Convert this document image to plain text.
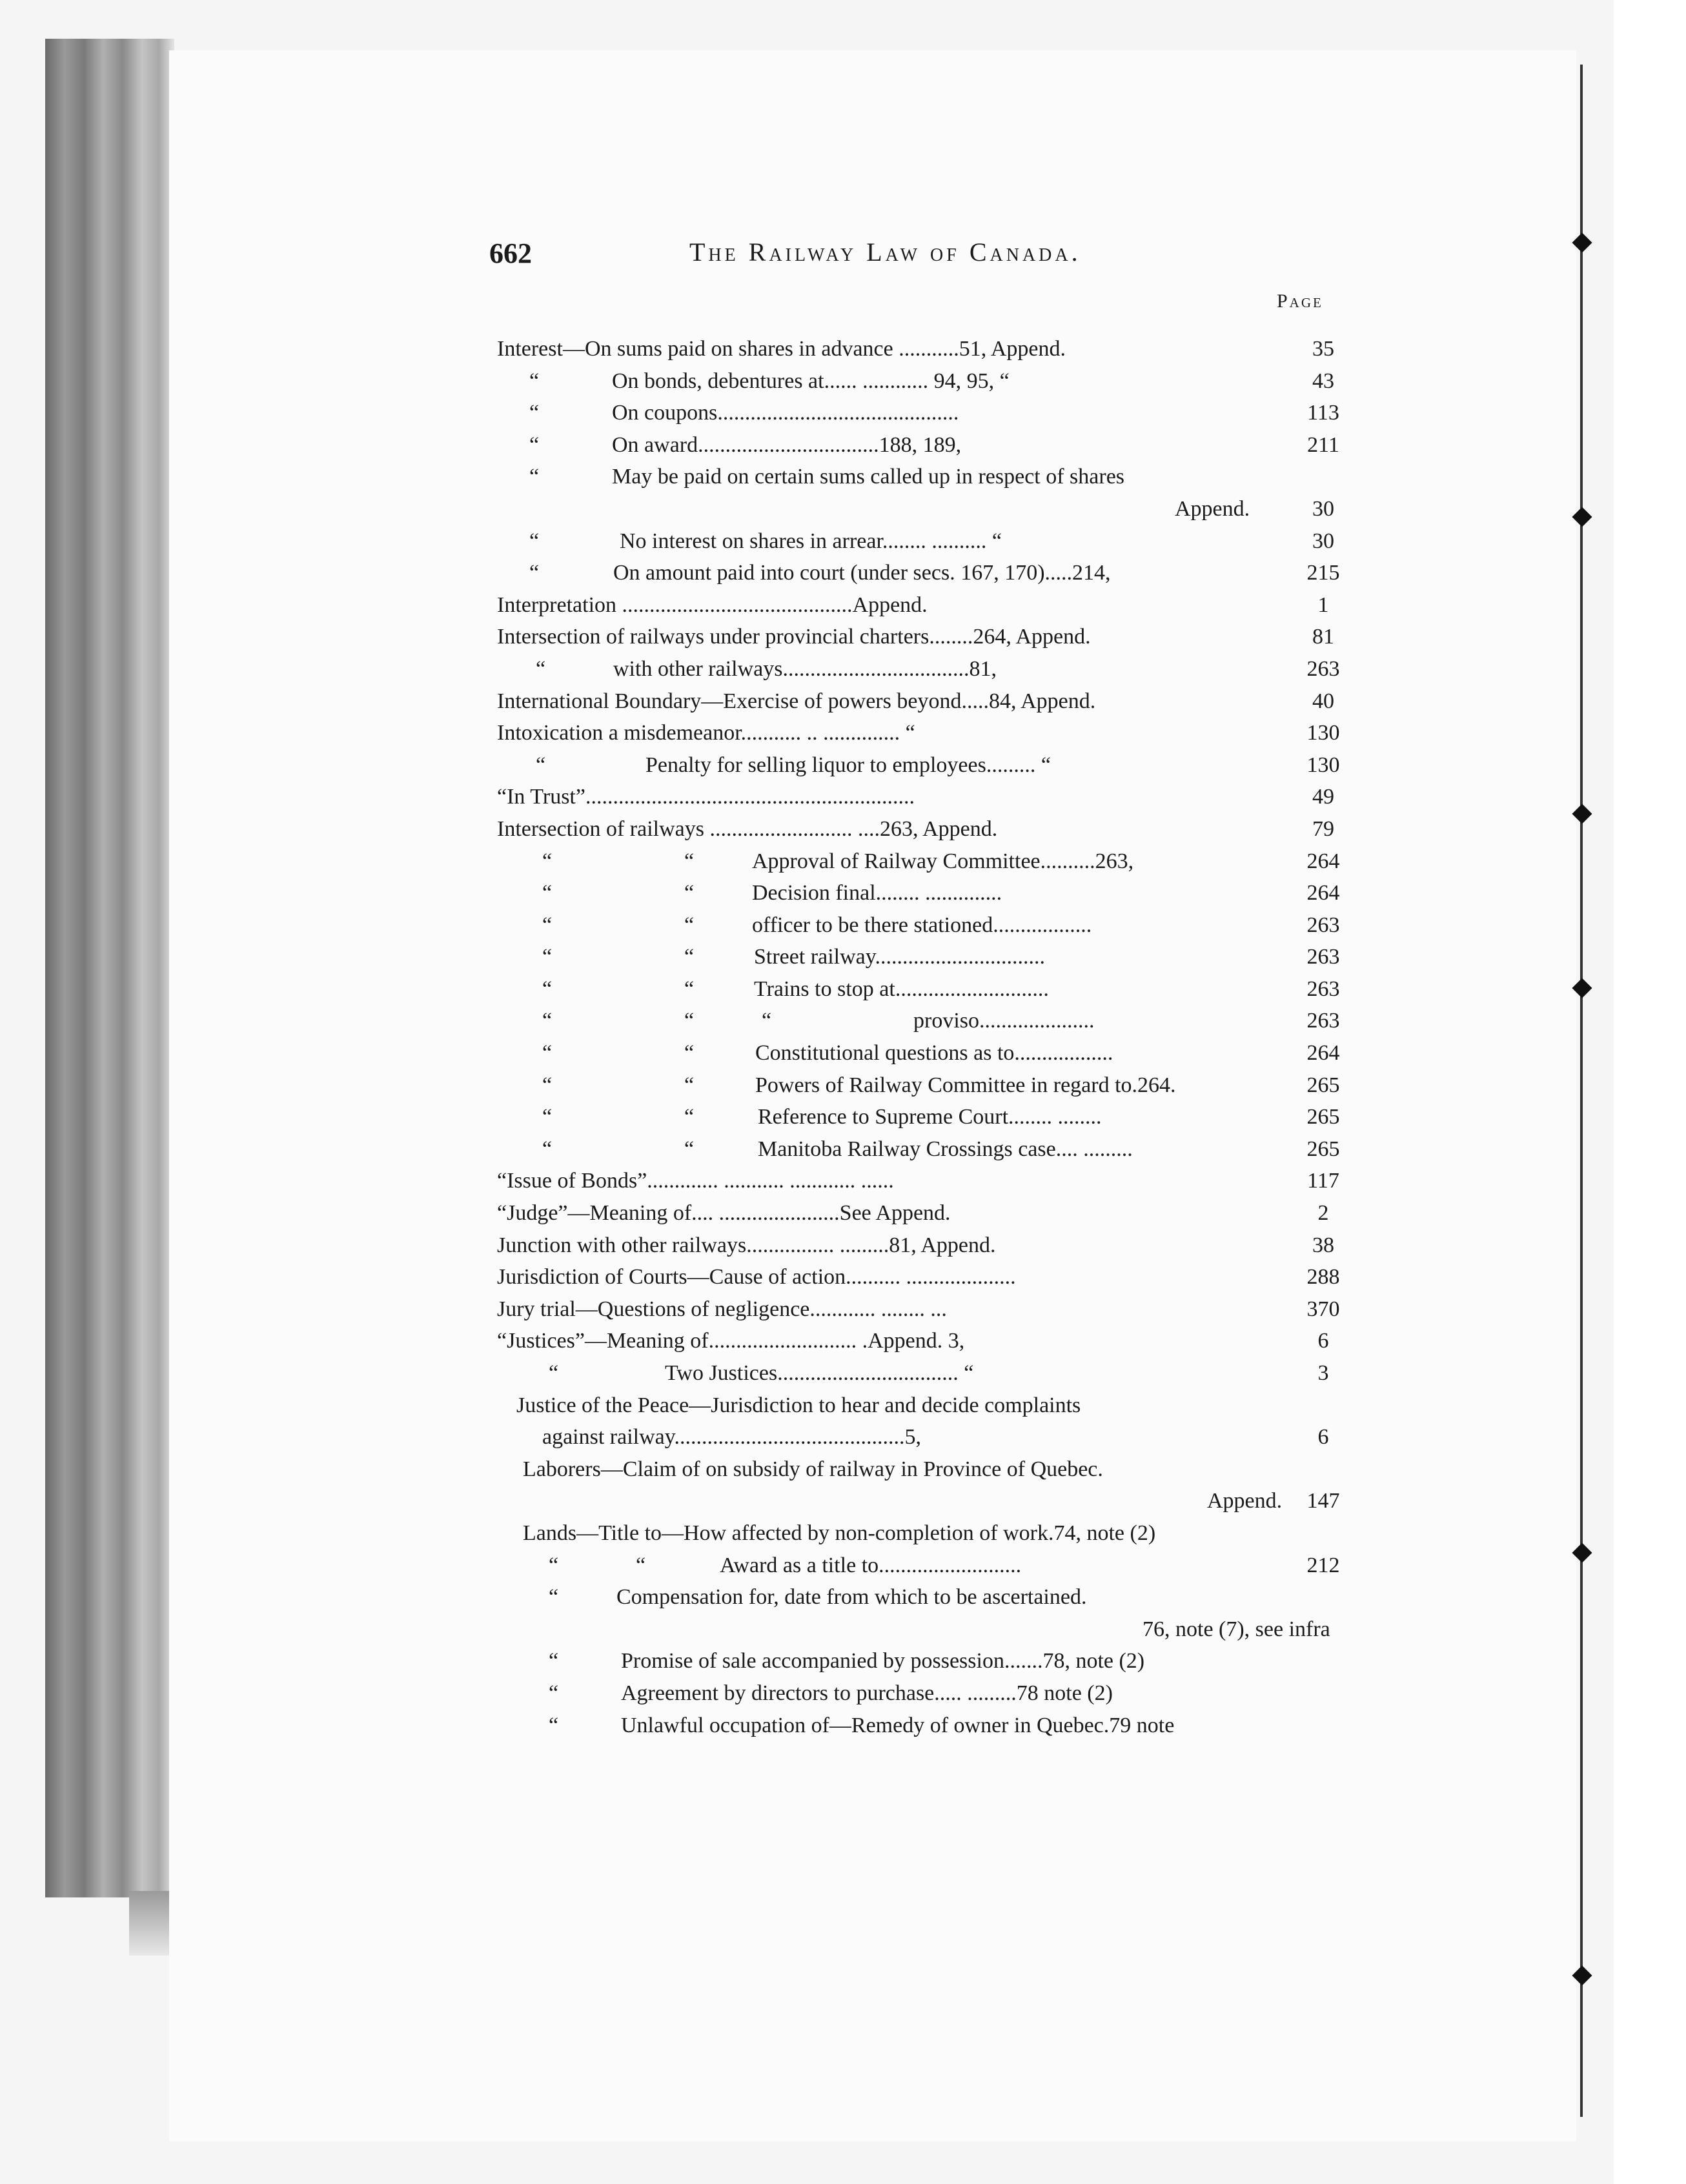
662	The Railway Law of Canada.
Page
Interest—On sums paid on shares in advance ...........51, Append.	35
“	On bonds, debentures at...... ............ 94, 95, “	43
“	On coupons............................................	113
“	On award.................................188, 189,	211
“	May be paid on certain sums called up in respect of shares
Append.	30
“	No interest on shares in arrear........ .......... “	30
“	On amount paid into court (under secs. 167, 170).....214,	215
Interpretation ..........................................Append.	1
Intersection of railways under provincial charters........264, Append.	81
“	with other railways..................................81,	263
International Boundary—Exercise of powers beyond.....84, Append.	40
Intoxication a misdemeanor........... .. .............. “	130
“	Penalty for selling liquor to employees......... “	130
“In Trust”............................................................	49
Intersection of railways .......................... ....263, Append.	79
“	“	Approval of Railway Committee..........263,	264
“	“	Decision final........ ..............	264
“	“	officer to be there stationed..................	263
“	“	Street railway...............................	263
“	“	Trains to stop at............................	263
“	“	“	proviso.....................	263
“	“	Constitutional questions as to..................	264
“	“	Powers of Railway Committee in regard to.264.	265
“	“	Reference to Supreme Court........ ........	265
“	“	Manitoba Railway Crossings case.... .........	265
“Issue of Bonds”............. ........... ............ ......	117
“Judge”—Meaning of.... ......................See Append.	2
Junction with other railways................ .........81, Append.	38
Jurisdiction of Courts—Cause of action.......... ....................	288
Jury trial—Questions of negligence............ ........ ...	370
“Justices”—Meaning of........................... .Append. 3,	6
“	Two Justices................................. “	3
Justice of the Peace—Jurisdiction to hear and decide complaints
against railway..........................................5,	6
Laborers—Claim of on subsidy of railway in Province of Quebec.
Append.	147
Lands—Title to—How affected by non-completion of work.74, note (2)
“	“	Award as a title to..........................	212
“	Compensation for, date from which to be ascertained.
76, note (7), see infra
“	Promise of sale accompanied by possession.......78, note (2)
“	Agreement by directors to purchase..... .........78 note (2)
“	Unlawful occupation of—Remedy of owner in Quebec.79 note
